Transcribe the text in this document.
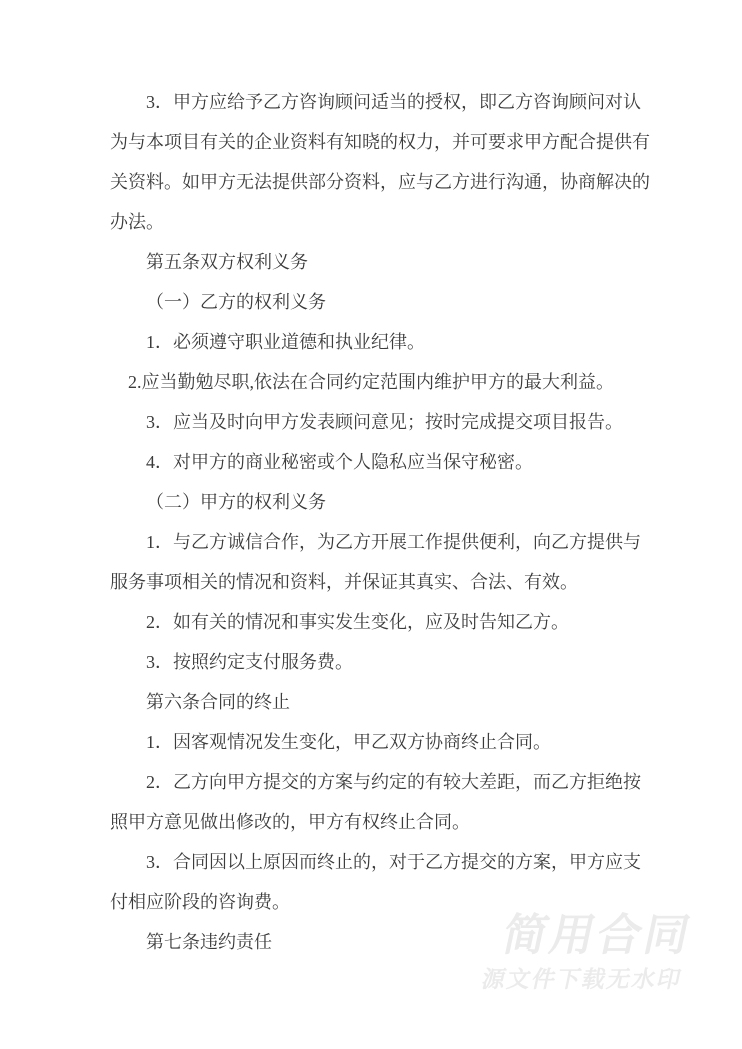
3．甲方应给予乙方咨询顾问适当的授权，即乙方咨询顾问对认
为与本项目有关的企业资料有知晓的权力，并可要求甲方配合提供有
关资料。如甲方无法提供部分资料，应与乙方进行沟通，协商解决的
办法。
第五条双方权利义务
（一）乙方的权利义务
1．必须遵守职业道德和执业纪律。
2.应当勤勉尽职,依法在合同约定范围内维护甲方的最大利益。
3．应当及时向甲方发表顾问意见；按时完成提交项目报告。
4．对甲方的商业秘密或个人隐私应当保守秘密。
（二）甲方的权利义务
1．与乙方诚信合作，为乙方开展工作提供便利，向乙方提供与
服务事项相关的情况和资料，并保证其真实、合法、有效。
2．如有关的情况和事实发生变化，应及时告知乙方。
3．按照约定支付服务费。
第六条合同的终止
1．因客观情况发生变化，甲乙双方协商终止合同。
2．乙方向甲方提交的方案与约定的有较大差距，而乙方拒绝按
照甲方意见做出修改的，甲方有权终止合同。
3．合同因以上原因而终止的，对于乙方提交的方案，甲方应支
付相应阶段的咨询费。
第七条违约责任	简用合同
源文件下载无水印
